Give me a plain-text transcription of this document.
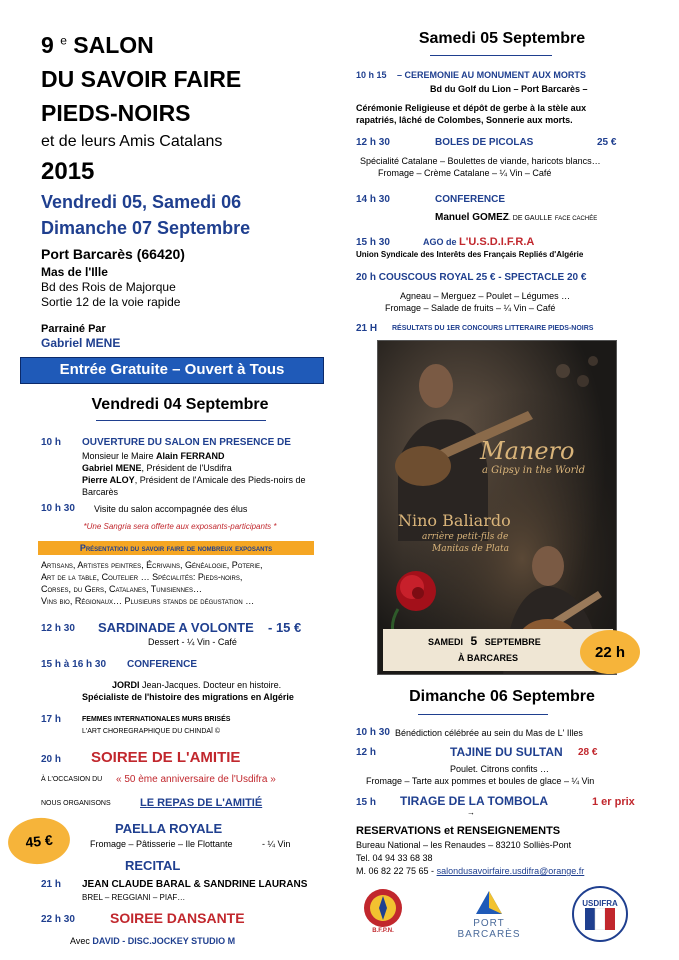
9 $^e$ SALON
DU SAVOIR FAIRE
PIEDS-NOIRS
et de leurs Amis Catalans
2015
Vendredi 05, Samedi 06
Dimanche 07 Septembre
Port Barcarès (66420)
Mas de l'Ille
Bd des Rois de Majorque
Sortie 12 de la voie rapide
Parrainé Par
Gabriel MENE
Entrée Gratuite – Ouvert à Tous
Vendredi 04 Septembre
10 h OUVERTURE DU SALON EN PRESENCE DE
Monsieur le Maire Alain FERRAND
Gabriel MENE, Président de l'Usdifra
Pierre ALOY, Président de l'Amicale des Pieds-noirs de
Barcarès
10 h 30 Visite du salon accompagnée des élus
*Une Sangria sera offerte aux exposants-participants *
Présentation du savoir faire de nombreux exposants
Artisans, Artistes peintres, Écrivains, Généalogie, Poterie,
Art de la table, Coutelier … Spécialités: Pieds-noirs,
Corses, du Gers, Catalanes, Tunisiennes…
Vins bio, Régionaux… Plusieurs stands de dégustation …
12 h 30 SARDINADE A VOLONTE - 15 €
Dessert - ¼ Vin - Café
15 h à 16 h 30 CONFERENCE
JORDI Jean-Jacques. Docteur en histoire.
Spécialiste de l'histoire des migrations en Algérie
17 h	FEMMES INTERNATIONALES MURS BRISÉS
L'ART CHOREGRAPHIQUE DU CHINDAÏ ©
20 h SOIREE DE L'AMITIE
À L'OCCASION DU « 50 ème anniversaire de l'Usdifra »
NOUS ORGANISONS	LE REPAS DE L'AMITIÉ
PAELLA ROYALE
Fromage – Pâtisserie – Ile Flottante	- ¼ Vin
45 €
RECITAL
21 h JEAN CLAUDE BARAL & SANDRINE LAURANS
BREL – REGGIANI – PIAF…
22 h 30	SOIREE DANSANTE
Avec DAVID - DISC.JOCKEY STUDIO M
Samedi 05 Septembre
10 h 15 – CEREMONIE AU MONUMENT AUX MORTS
Bd du Golf du Lion – Port Barcarès –
Cérémonie Religieuse et dépôt de gerbe à la stèle aux
rapatriés, lâché de Colombes, Sonnerie aux morts.
12 h 30	BOLES DE PICOLAS	25 €
Spécialité Catalane – Boulettes de viande, haricots blancs…
Fromage – Crème Catalane – ¼ Vin – Café
14 h 30	CONFERENCE
Manuel GOMEZ. DE GAULLE FACE CACHÉE
15 h 30	AGO de L'U.S.D.I.F.R.A
Union Syndicale des Interêts des Français Repliés d'Algérie
20 h COUSCOUS ROYAL 25 € - SPECTACLE 20 €
Agneau – Merguez – Poulet – Légumes …
Fromage – Salade de fruits – ¼ Vin – Café
21 H RÉSULTATS DU 1ER CONCOURS LITTERAIRE PIEDS-NOIRS
Manero
a Gipsy in the World
Nino Baliardo
arrière petit-fils de
Manitas de Plata
SAMEDI 5 SEPTEMBRE
À BARCARES	22 h
Dimanche 06 Septembre
10 h 30 Bénédiction célébrée au sein du Mas de L' Illes
12 h	TAJINE DU SULTAN 28 €
Poulet. Citrons confits …
Fromage – Tarte aux pommes et boules de glace – ¼ Vin
15 h TIRAGE DE LA TOMBOLA	1 er prix
→
RESERVATIONS et RENSEIGNEMENTS
Bureau National – les Renaudes – 83210 Solliès-Pont
Tel. 04 94 33 68 38
M. 06 82 22 75 65 - salondusavoirfaire.usdifra@orange.fr
B.F.P.N.
PORT
BARCARÈS
USDIFRA
